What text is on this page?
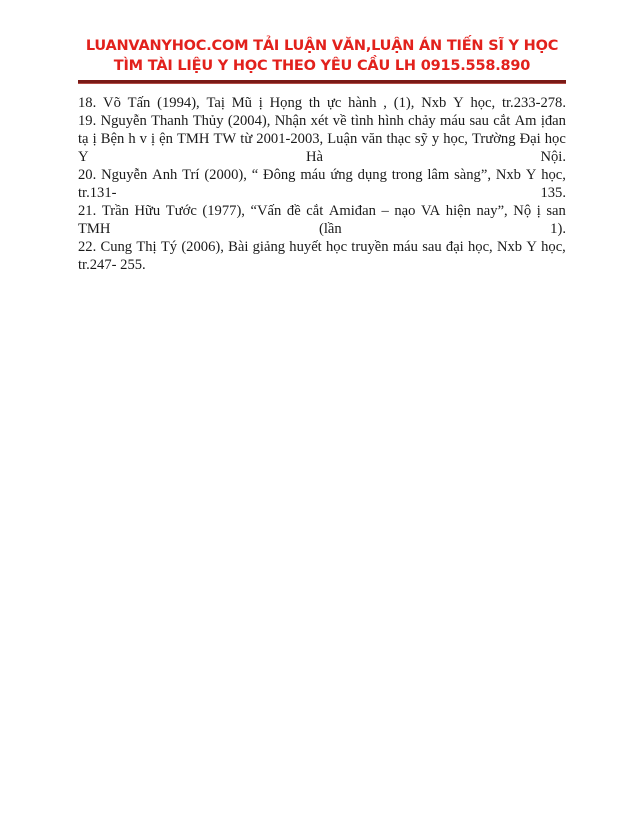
LUANVANYHOC.COM TẢI LUẬN VĂN,LUẬN ÁN TIẾN SĨ Y HỌC
TÌM TÀI LIỆU Y HỌC THEO YÊU CẦU LH 0915.558.890
18. Võ Tấn (1994), Taị Mũ ị Họng th ực hành , (1), Nxb Y học, tr.233-278.
19. Nguyễn Thanh Thủy (2004), Nhận xét về tình hình chảy máu sau cắt Am ịđan
tạ ị Bện h v ị ện TMH TW từ 2001-2003, Luận văn thạc sỹ y học, Trường Đại học
Y	Hà	Nội.
20. Nguyễn Anh Trí (2000), “ Đông máu ứng dụng trong lâm sàng”, Nxb Y học,
tr.131-	135.
21. Trần Hữu Tước (1977), “Vấn đề cắt Amiđan – nạo VA hiện nay”, Nộ ị san
TMH	(lần	1).
22. Cung Thị Tý (2006), Bài giảng huyết học truyền máu sau đại học, Nxb Y học,
tr.247- 255.
